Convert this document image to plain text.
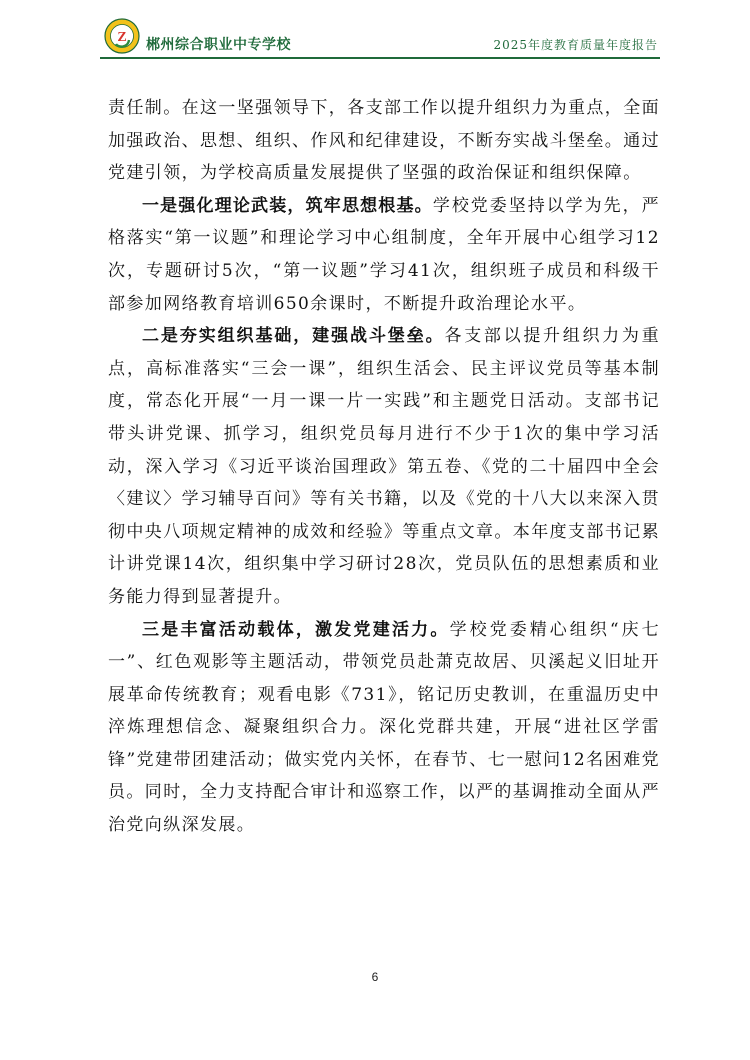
Z 郴州综合职业中专学校	2025年度教育质量年度报告

责任制。在这一坚强领导下，各支部工作以提升组织力为重点，全面加强政治、思想、组织、作风和纪律建设，不断夯实战斗堡垒。通过党建引领，为学校高质量发展提供了坚强的政治保证和组织保障。

一是强化理论武装，筑牢思想根基。学校党委坚持以学为先，严格落实“第一议题”和理论学习中心组制度，全年开展中心组学习12次，专题研讨5次，“第一议题”学习41次，组织班子成员和科级干部参加网络教育培训650余课时，不断提升政治理论水平。

二是夯实组织基础，建强战斗堡垒。各支部以提升组织力为重点，高标准落实“三会一课”，组织生活会、民主评议党员等基本制度，常态化开展“一月一课一片一实践”和主题党日活动。支部书记带头讲党课、抓学习，组织党员每月进行不少于1次的集中学习活动，深入学习《习近平谈治国理政》第五卷、《党的二十届四中全会〈建议〉学习辅导百问》等有关书籍，以及《党的十八大以来深入贯彻中央八项规定精神的成效和经验》等重点文章。本年度支部书记累计讲党课14次，组织集中学习研讨28次，党员队伍的思想素质和业务能力得到显著提升。

三是丰富活动载体，激发党建活力。学校党委精心组织“庆七一”、红色观影等主题活动，带领党员赴萧克故居、贝溪起义旧址开展革命传统教育；观看电影《731》，铭记历史教训，在重温历史中淬炼理想信念、凝聚组织合力。深化党群共建，开展“进社区学雷锋”党建带团建活动；做实党内关怀，在春节、七一慰问12名困难党员。同时，全力支持配合审计和巡察工作，以严的基调推动全面从严治党向纵深发展。

6
